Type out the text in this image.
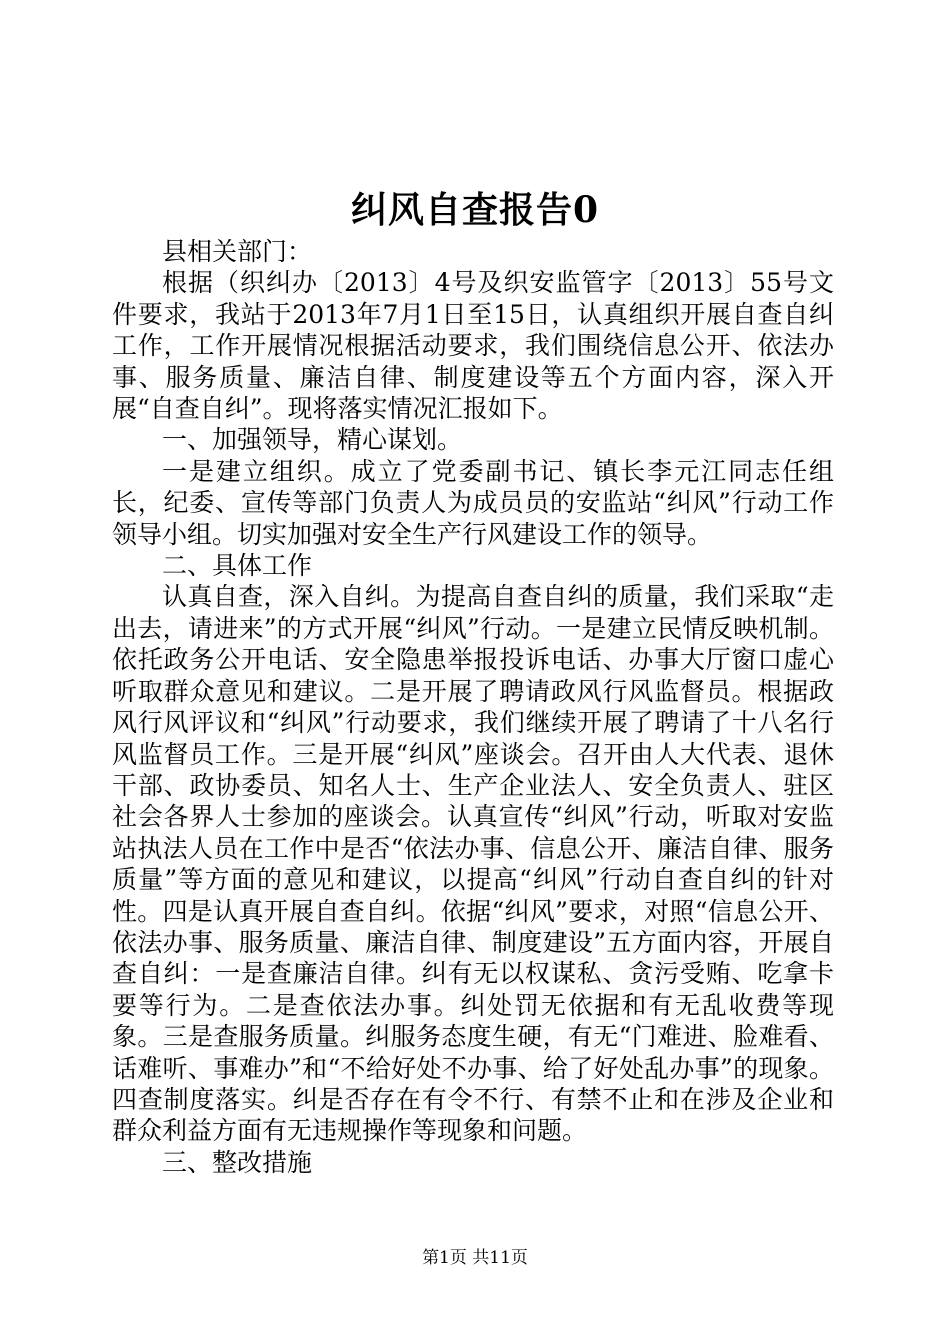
纠风自查报告0

县相关部门：

根据（织纠办〔2013〕4号及织安监管字〔2013〕55号文件要求，我站于2013年7月1日至15日，认真组织开展自查自纠工作，工作开展情况根据活动要求，我们围绕信息公开、依法办事、服务质量、廉洁自律、制度建设等五个方面内容，深入开展“自查自纠”。现将落实情况汇报如下。

一、加强领导，精心谋划。

一是建立组织。成立了党委副书记、镇长李元江同志任组长，纪委、宣传等部门负责人为成员员的安监站“纠风”行动工作领导小组。切实加强对安全生产行风建设工作的领导。

二、具体工作

认真自查，深入自纠。为提高自查自纠的质量，我们采取“走出去，请进来”的方式开展“纠风”行动。一是建立民情反映机制。依托政务公开电话、安全隐患举报投诉电话、办事大厅窗口虚心听取群众意见和建议。二是开展了聘请政风行风监督员。根据政风行风评议和“纠风”行动要求，我们继续开展了聘请了十八名行风监督员工作。三是开展“纠风”座谈会。召开由人大代表、退休干部、政协委员、知名人士、生产企业法人、安全负责人、驻区社会各界人士参加的座谈会。认真宣传“纠风”行动，听取对安监站执法人员在工作中是否“依法办事、信息公开、廉洁自律、服务质量”等方面的意见和建议，以提高“纠风”行动自查自纠的针对性。四是认真开展自查自纠。依据“纠风”要求，对照“信息公开、依法办事、服务质量、廉洁自律、制度建设”五方面内容，开展自查自纠：一是查廉洁自律。纠有无以权谋私、贪污受贿、吃拿卡要等行为。二是查依法办事。纠处罚无依据和有无乱收费等现象。三是查服务质量。纠服务态度生硬，有无“门难进、脸难看、话难听、事难办”和“不给好处不办事、给了好处乱办事”的现象。四查制度落实。纠是否存在有令不行、有禁不止和在涉及企业和群众利益方面有无违规操作等现象和问题。

三、整改措施

第1页 共11页
